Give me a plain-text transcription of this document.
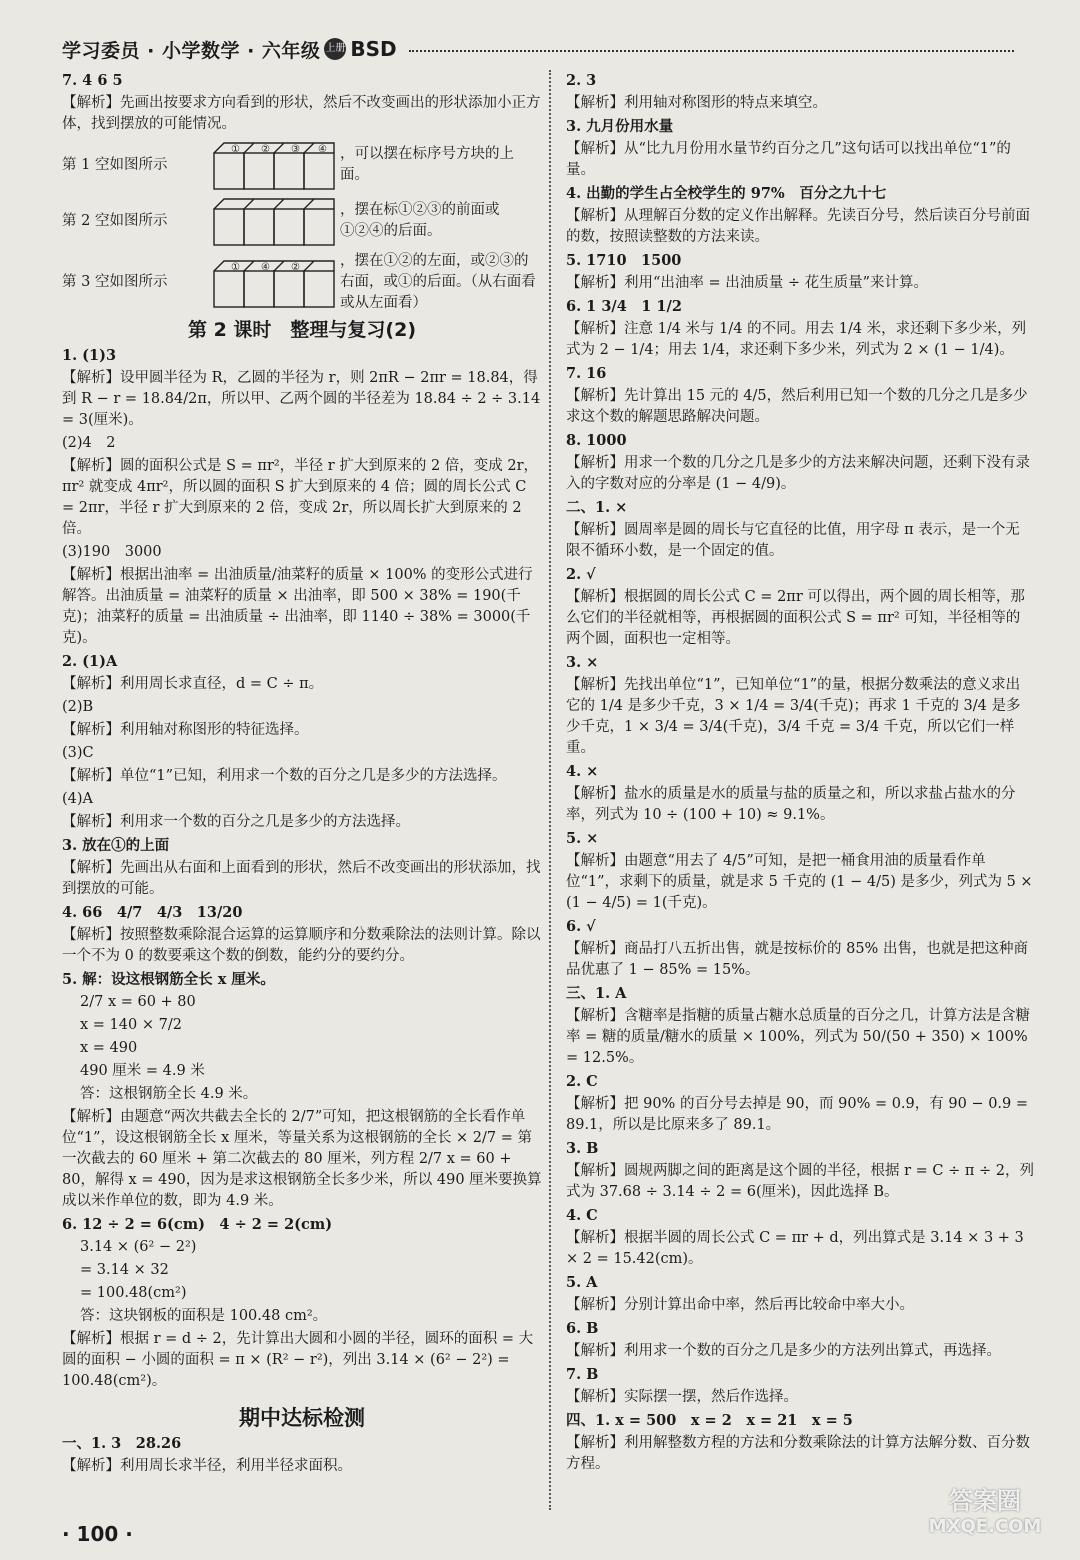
学习委员 · 小学数学 · 六年级 上册 BSD

7. 4 6 5

【解析】先画出按要求方向看到的形状，然后不改变画出的形状添加小正方体，找到摆放的可能情况。

第 1 空如图所示
① ② ③ ④ ，可以摆在标序号方块的上面。
第 2 空如图所示
，摆在标①②③的前面或①②④的后面。
第 3 空如图所示
① ④ ②	，摆在①②的左面，或②③的右面，或①的后面。（从右面看或从左面看）
第 2 课时　整理与复习(2)

1. (1)3

【解析】设甲圆半径为 R，乙圆的半径为 r，则 2πR − 2πr = 18.84，得到 R − r = 18.84/2π，所以甲、乙两个圆的半径差为 18.84 ÷ 2 ÷ 3.14 = 3(厘米)。

(2)4　2

【解析】圆的面积公式是 S = πr²，半径 r 扩大到原来的 2 倍，变成 2r，πr² 就变成 4πr²，所以圆的面积 S 扩大到原来的 4 倍；圆的周长公式 C = 2πr，半径 r 扩大到原来的 2 倍，变成 2r，所以周长扩大到原来的 2 倍。

(3)190　3000

【解析】根据出油率 = 出油质量/油菜籽的质量 × 100% 的变形公式进行解答。出油质量 = 油菜籽的质量 × 出油率，即 500 × 38% = 190(千克)；油菜籽的质量 = 出油质量 ÷ 出油率，即 1140 ÷ 38% = 3000(千克)。

2. (1)A

【解析】利用周长求直径，d = C ÷ π。

(2)B

【解析】利用轴对称图形的特征选择。

(3)C

【解析】单位“1”已知，利用求一个数的百分之几是多少的方法选择。

(4)A

【解析】利用求一个数的百分之几是多少的方法选择。

3. 放在①的上面

【解析】先画出从右面和上面看到的形状，然后不改变画出的形状添加，找到摆放的可能。

4. 66　4/7　4/3　13/20

【解析】按照整数乘除混合运算的运算顺序和分数乘除法的法则计算。除以一个不为 0 的数要乘这个数的倒数，能约分的要约分。

5. 解：设这根钢筋全长 x 厘米。

2/7 x = 60 + 80

x = 140 × 7/2

x = 490

490 厘米 = 4.9 米

答：这根钢筋全长 4.9 米。

【解析】由题意“两次共截去全长的 2/7”可知，把这根钢筋的全长看作单位“1”，设这根钢筋全长 x 厘米，等量关系为这根钢筋的全长 × 2/7 = 第一次截去的 60 厘米 + 第二次截去的 80 厘米，列方程 2/7 x = 60 + 80，解得 x = 490，因为是求这根钢筋全长多少米，所以 490 厘米要换算成以米作单位的数，即为 4.9 米。

6. 12 ÷ 2 = 6(cm)　4 ÷ 2 = 2(cm)

3.14 × (6² − 2²)

= 3.14 × 32

= 100.48(cm²)

答：这块钢板的面积是 100.48 cm²。

【解析】根据 r = d ÷ 2，先计算出大圆和小圆的半径，圆环的面积 = 大圆的面积 − 小圆的面积 = π × (R² − r²)，列出 3.14 × (6² − 2²) = 100.48(cm²)。

期中达标检测

一、1. 3　28.26

【解析】利用周长求半径，利用半径求面积。

2. 3

【解析】利用轴对称图形的特点来填空。

3. 九月份用水量

【解析】从“比九月份用水量节约百分之几”这句话可以找出单位“1”的量。

4. 出勤的学生占全校学生的 97%　百分之九十七

【解析】从理解百分数的定义作出解释。先读百分号，然后读百分号前面的数，按照读整数的方法来读。

5. 1710　1500

【解析】利用“出油率 = 出油质量 ÷ 花生质量”来计算。

6. 1 3/4　1 1/2

【解析】注意 1/4 米与 1/4 的不同。用去 1/4 米，求还剩下多少米，列式为 2 − 1/4；用去 1/4，求还剩下多少米，列式为 2 × (1 − 1/4)。

7. 16

【解析】先计算出 15 元的 4/5，然后利用已知一个数的几分之几是多少求这个数的解题思路解决问题。

8. 1000

【解析】用求一个数的几分之几是多少的方法来解决问题，还剩下没有录入的字数对应的分率是 (1 − 4/9)。

二、1. ×

【解析】圆周率是圆的周长与它直径的比值，用字母 π 表示，是一个无限不循环小数，是一个固定的值。

2. √

【解析】根据圆的周长公式 C = 2πr 可以得出，两个圆的周长相等，那么它们的半径就相等，再根据圆的面积公式 S = πr² 可知，半径相等的两个圆，面积也一定相等。

3. ×

【解析】先找出单位“1”，已知单位“1”的量，根据分数乘法的意义求出它的 1/4 是多少千克，3 × 1/4 = 3/4(千克)；再求 1 千克的 3/4 是多少千克，1 × 3/4 = 3/4(千克)，3/4 千克 = 3/4 千克，所以它们一样重。

4. ×

【解析】盐水的质量是水的质量与盐的质量之和，所以求盐占盐水的分率，列式为 10 ÷ (100 + 10) ≈ 9.1%。

5. ×

【解析】由题意“用去了 4/5”可知，是把一桶食用油的质量看作单位“1”，求剩下的质量，就是求 5 千克的 (1 − 4/5) 是多少，列式为 5 × (1 − 4/5) = 1(千克)。

6. √

【解析】商品打八五折出售，就是按标价的 85% 出售，也就是把这种商品优惠了 1 − 85% = 15%。

三、1. A

【解析】含糖率是指糖的质量占糖水总质量的百分之几，计算方法是含糖率 = 糖的质量/糖水的质量 × 100%，列式为 50/(50 + 350) × 100% = 12.5%。

2. C

【解析】把 90% 的百分号去掉是 90，而 90% = 0.9，有 90 − 0.9 = 89.1，所以是比原来多了 89.1。

3. B

【解析】圆规两脚之间的距离是这个圆的半径，根据 r = C ÷ π ÷ 2，列式为 37.68 ÷ 3.14 ÷ 2 = 6(厘米)，因此选择 B。

4. C

【解析】根据半圆的周长公式 C = πr + d，列出算式是 3.14 × 3 + 3 × 2 = 15.42(cm)。

5. A

【解析】分别计算出命中率，然后再比较命中率大小。

6. B

【解析】利用求一个数的百分之几是多少的方法列出算式，再选择。

7. B

【解析】实际摆一摆，然后作选择。

四、1. x = 500　x = 2　x = 21　x = 5

【解析】利用解整数方程的方法和分数乘除法的计算方法解分数、百分数方程。

· 100 ·
答案圈
MXQE.COM
